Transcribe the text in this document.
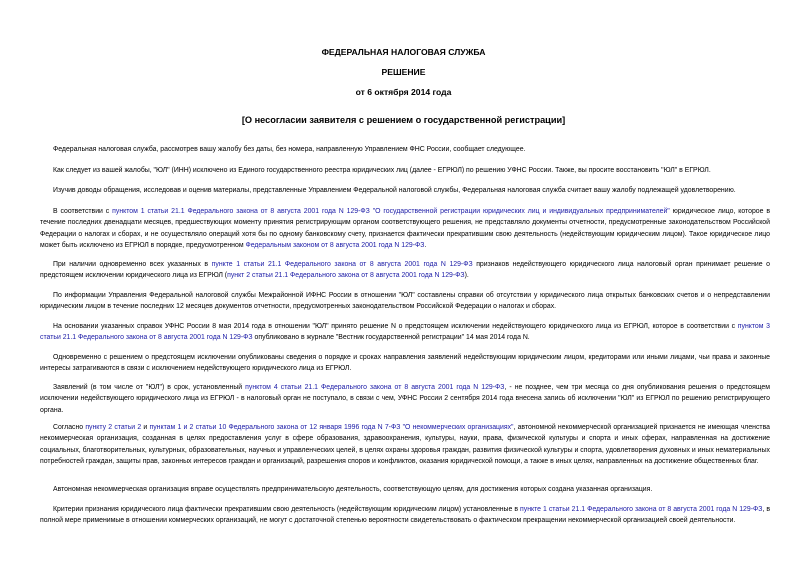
ФЕДЕРАЛЬНАЯ НАЛОГОВАЯ СЛУЖБА

РЕШЕНИЕ

от 6 октября 2014 года

[О несогласии заявителя с решением о государственной регистрации]

Федеральная налоговая служба, рассмотрев вашу жалобу без даты, без номера, направленную Управлением ФНС России, сообщает следующее.

Как следует из вашей жалобы, "ЮЛ" (ИНН) исключено из Единого государственного реестра юридических лиц (далее - ЕГРЮЛ) по решению УФНС России. Также, вы просите восстановить "ЮЛ" в ЕГРЮЛ.

Изучив доводы обращения, исследовав и оценив материалы, представленные Управлением Федеральной налоговой службы, Федеральная налоговая служба считает вашу жалобу подлежащей удовлетворению.

В соответствии с пунктом 1 статьи 21.1 Федерального закона от 8 августа 2001 года N 129-ФЗ "О государственной регистрации юридических лиц и индивидуальных предпринимателей" юридическое лицо, которое в течение последних двенадцати месяцев, предшествующих моменту принятия регистрирующим органом соответствующего решения, не представляло документы отчетности, предусмотренные законодательством Российской Федерации о налогах и сборах, и не осуществляло операций хотя бы по одному банковскому счету, признается фактически прекратившим свою деятельность (недействующим юридическим лицом). Такое юридическое лицо может быть исключено из ЕГРЮЛ в порядке, предусмотренном Федеральным законом от 8 августа 2001 года N 129-ФЗ.

При наличии одновременно всех указанных в пункте 1 статьи 21.1 Федерального закона от 8 августа 2001 года N 129-ФЗ признаков недействующего юридического лица налоговый орган принимает решение о предстоящем исключении юридического лица из ЕГРЮЛ (пункт 2 статьи 21.1 Федерального закона от 8 августа 2001 года N 129-ФЗ).

По информации Управления Федеральной налоговой службы Межрайонной ИФНС России в отношении "ЮЛ" составлены справки об отсутствии у юридического лица открытых банковских счетов и о непредставлении юридическим лицом в течение последних 12 месяцев документов отчетности, предусмотренных законодательством Российской Федерации о налогах и сборах.

На основании указанных справок УФНС России 8 мая 2014 года в отношении "ЮЛ" принято решение N о предстоящем исключении недействующего юридического лица из ЕГРЮЛ, которое в соответствии с пунктом 3 статьи 21.1 Федерального закона от 8 августа 2001 года N 129-ФЗ опубликовано в журнале "Вестник государственной регистрации" 14 мая 2014 года N.

Одновременно с решением о предстоящем исключении опубликованы сведения о порядке и сроках направления заявлений недействующим юридическим лицом, кредиторами или иными лицами, чьи права и законные интересы затрагиваются в связи с исключением недействующего юридического лица из ЕГРЮЛ.

Заявлений (в том числе от "ЮЛ") в срок, установленный пунктом 4 статьи 21.1 Федерального закона от 8 августа 2001 года N 129-ФЗ, - не позднее, чем три месяца со дня опубликования решения о предстоящем исключении недействующего юридического лица из ЕГРЮЛ - в налоговый орган не поступало, в связи с чем, УФНС России 2 сентября 2014 года внесена запись об исключении "ЮЛ" из ЕГРЮЛ по решению регистрирующего органа.

Согласно пункту 2 статьи 2 и пунктам 1 и 2 статьи 10 Федерального закона от 12 января 1996 года N 7-ФЗ "О некоммерческих организациях", автономной некоммерческой организацией признается не имеющая членства некоммерческая организация, созданная в целях предоставления услуг в сфере образования, здравоохранения, культуры, науки, права, физической культуры и спорта и иных сферах, направленная на достижение социальных, благотворительных, культурных, образовательных, научных и управленческих целей, в целях охраны здоровья граждан, развития физической культуры и спорта, удовлетворения духовных и иных нематериальных потребностей граждан, защиты прав, законных интересов граждан и организаций, разрешения споров и конфликтов, оказания юридической помощи, а также в иных целях, направленных на достижение общественных благ.

Автономная некоммерческая организация вправе осуществлять предпринимательскую деятельность, соответствующую целям, для достижения которых создана указанная организация.

Критерии признания юридического лица фактически прекратившим свою деятельность (недействующим юридическим лицом) установленные в пункте 1 статьи 21.1 Федерального закона от 8 августа 2001 года N 129-ФЗ, в полной мере применимые в отношении коммерческих организаций, не могут с достаточной степенью вероятности свидетельствовать о фактическом прекращении некоммерческой организацией своей деятельности.
